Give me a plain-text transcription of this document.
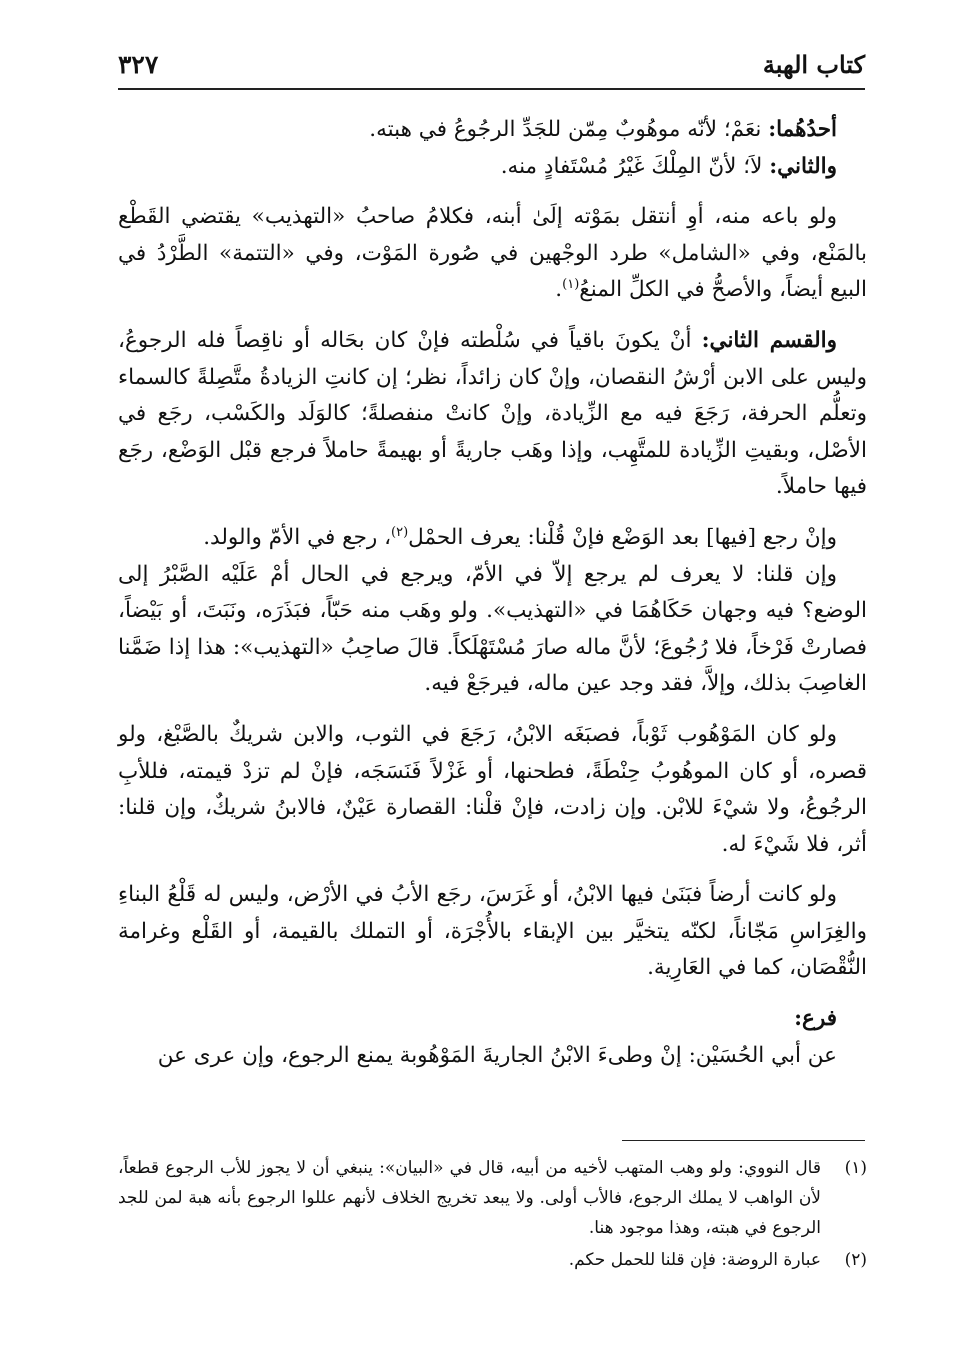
كتاب الهبة
٣٢٧

أحدُهُما: نعَمْ؛ لأنّه موهُوبٌ مِمّن للجَدِّ الرجُوعُ في هبته.

والثاني: لاَ؛ لأنّ المِلْكَ غَيْرُ مُسْتَفادٍ منه.

ولو باعه منه، أوِ أنتقل بمَوْته إلَىٰ أبنه، فكلامُ صاحبُ «التهذيب» يقتضي القَطْع بالمَنْع، وفي «الشامل» طرد الوجْهين في صُورة المَوْت، وفي «التتمة» الطَّرْدُ في البيع أيضاً، والأصحُّ في الكلِّ المنعُ$^{(١)}$.

والقسم الثاني: أنْ يكونَ باقياً في سُلْطته فإنْ كان بحَاله أو ناقِصاً فله الرجوعُ، وليس على الابن أرْشُ النقصان، وإنْ كان زائداً، نظر؛ إن كانتِ الزيادةُ متَّصِلةً كالسماء وتعلُّم الحرفة، رَجَعَ فيه مع الزِّيادة، وإنْ كانتْ منفصلةً؛ كالوَلَد والكَسْب، رجَع في الأصْل، وبقيتِ الزِّيادة للمتَّهِب، وإذا وهَب جاريةً أو بهيمةً حاملاً فرجع قبْل الوَضْع، رجَع فيها حاملاً.

وإنْ رجع [فيها] بعد الوَضْع فإنْ قُلْنا: يعرف الحمْل$^{(٢)}$، رجع في الأمّ والولد.

وإن قلنا: لا يعرف لم يرجع إلاّ في الأمّ، ويرجع في الحال أمْ عَلَيْه الصَّبْرُ إلى الوضع؟ فيه وجهان حَكَاهُمَا في «التهذيب». ولو وهَب منه حَبّاً، فبَذَرَه، ونَبَتَ، أو بَيْضاً، فصارتْ فَرْخاً، فلا رُجُوعَ؛ لأنَّ ماله صارَ مُسْتَهْلَكاً. قالَ صاحِبُ «التهذيب»: هذا إذا ضَمَّنا الغاصِبَ بذلك، وإلاَّ، فقد وجد عين ماله، فيرجَعْ فيه.

ولو كان المَوْهُوب ثَوْباً، فصبَغَه الابْنُ، رَجَعَ في الثوب، والابن شريكٌ بالصَّبْغ، ولو قصره، أو كان الموهُوبُ حِنْطَةً، فطحنها، أو غَزْلاً فَنَسَجَه، فإنْ لم تزدْ قيمته، فللأبِ الرجُوعُ، ولا شيْءَ للابْن. وإن زادت، فإنْ قلْنا: القصارة عَيْنٌ، فالابنُ شريكٌ، وإن قلنا: أثر، فلا شَيْءَ له.

ولو كانت أرضاً فبَنَىٰ فيها الابْنُ، أو غَرَسَ، رجَع الأبُ في الأرْض، وليس له قَلْعُ البناءِ والغِرَاسِ مَجّاناً، لكنّه يتخيَّر بين الإبقاء بالأُجْرَة، أو التملك بالقيمة، أو القَلْع وغرامة النُّقْصَان، كما في العَارِية.

فرع:

عن أبي الحُسَيْن: إنْ وطىءَ الابْنُ الجاريةَ المَوْهُوبة يمنع الرجوع، وإن عرى عن

(١)
قال النووي: ولو وهب المتهب لأخيه من أبيه، قال في «البيان»: ينبغي أن لا يجوز للأب الرجوع قطعاً، لأن الواهب لا يملك الرجوع، فالأب أولى. ولا يبعد تخريج الخلاف لأنهم عللوا الرجوع بأنه هبة لمن للجد الرجوع في هبته، وهذا موجود هنا.
(٢)
عبارة الروضة: فإن قلنا للحمل حكم.
